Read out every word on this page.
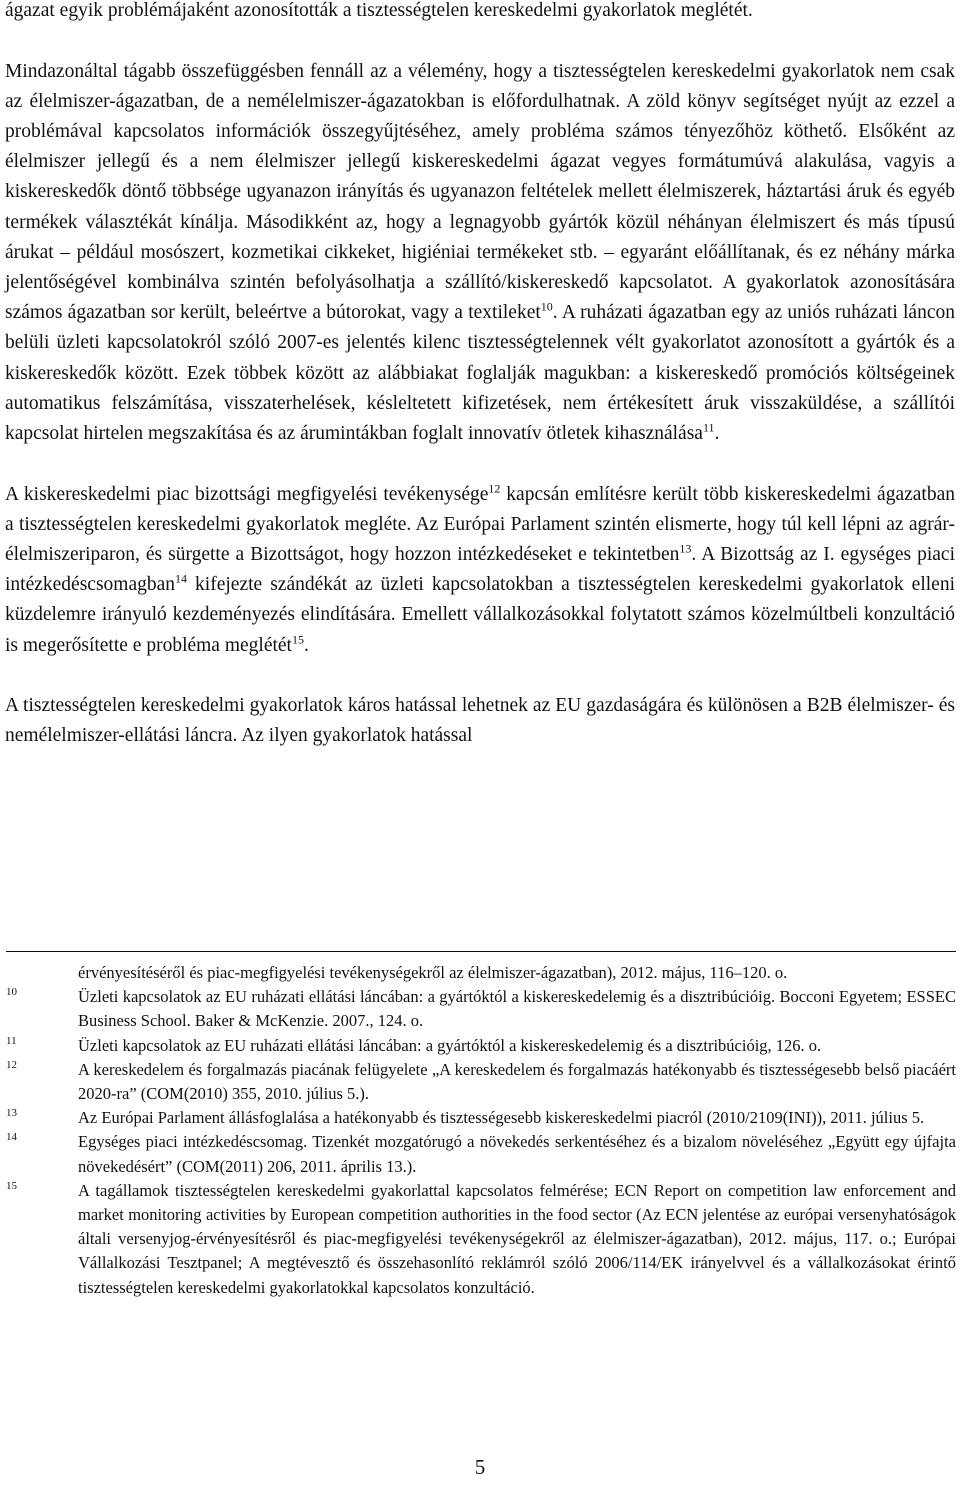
ágazat egyik problémájaként azonosították a tisztességtelen kereskedelmi gyakorlatok meglétét.

Mindazonáltal tágabb összefüggésben fennáll az a vélemény, hogy a tisztességtelen kereskedelmi gyakorlatok nem csak az élelmiszer-ágazatban, de a nemélelmiszer-ágazatokban is előfordulhatnak. A zöld könyv segítséget nyújt az ezzel a problémával kapcsolatos információk összegyűjtéséhez, amely probléma számos tényezőhöz köthető. Elsőként az élelmiszer jellegű és a nem élelmiszer jellegű kiskereskedelmi ágazat vegyes formátumúvá alakulása, vagyis a kiskereskedők döntő többsége ugyanazon irányítás és ugyanazon feltételek mellett élelmiszerek, háztartási áruk és egyéb termékek választékát kínálja. Másodikként az, hogy a legnagyobb gyártók közül néhányan élelmiszert és más típusú árukat – például mosószert, kozmetikai cikkeket, higiéniai termékeket stb. – egyaránt előállítanak, és ez néhány márka jelentőségével kombinálva szintén befolyásolhatja a szállító/kiskereskedő kapcsolatot. A gyakorlatok azonosítására számos ágazatban sor került, beleértve a bútorokat, vagy a textileket$^{10}$. A ruházati ágazatban egy az uniós ruházati láncon belüli üzleti kapcsolatokról szóló 2007-es jelentés kilenc tisztességtelennek vélt gyakorlatot azonosított a gyártók és a kiskereskedők között. Ezek többek között az alábbiakat foglalják magukban: a kiskereskedő promóciós költségeinek automatikus felszámítása, visszaterhelések, késleltetett kifizetések, nem értékesített áruk visszaküldése, a szállítói kapcsolat hirtelen megszakítása és az árumintákban foglalt innovatív ötletek kihasználása$^{11}$.

A kiskereskedelmi piac bizottsági megfigyelési tevékenysége$^{12}$ kapcsán említésre került több kiskereskedelmi ágazatban a tisztességtelen kereskedelmi gyakorlatok megléte. Az Európai Parlament szintén elismerte, hogy túl kell lépni az agrár-élelmiszeriparon, és sürgette a Bizottságot, hogy hozzon intézkedéseket e tekintetben$^{13}$. A Bizottság az I. egységes piaci intézkedéscsomagban$^{14}$ kifejezte szándékát az üzleti kapcsolatokban a tisztességtelen kereskedelmi gyakorlatok elleni küzdelemre irányuló kezdeményezés elindítására. Emellett vállalkozásokkal folytatott számos közelmúltbeli konzultáció is megerősítette e probléma meglétét$^{15}$.

A tisztességtelen kereskedelmi gyakorlatok káros hatással lehetnek az EU gazdaságára és különösen a B2B élelmiszer- és nemélelmiszer-ellátási láncra. Az ilyen gyakorlatok hatással

érvényesítéséről és piac-megfigyelési tevékenységekről az élelmiszer-ágazatban), 2012. május, 116–120. o.
10	Üzleti kapcsolatok az EU ruházati ellátási láncában: a gyártóktól a kiskereskedelemig és a disztribúcióig. Bocconi Egyetem; ESSEC Business School. Baker & McKenzie. 2007., 124. o.
11	Üzleti kapcsolatok az EU ruházati ellátási láncában: a gyártóktól a kiskereskedelemig és a disztribúcióig, 126. o.
12	A kereskedelem és forgalmazás piacának felügyelete „A kereskedelem és forgalmazás hatékonyabb és tisztességesebb belső piacáért 2020-ra” (COM(2010) 355, 2010. július 5.).
13	Az Európai Parlament állásfoglalása a hatékonyabb és tisztességesebb kiskereskedelmi piacról (2010/2109(INI)), 2011. július 5.
14	Egységes piaci intézkedéscsomag. Tizenkét mozgatórugó a növekedés serkentéséhez és a bizalom növeléséhez „Együtt egy újfajta növekedésért” (COM(2011) 206, 2011. április 13.).
15	A tagállamok tisztességtelen kereskedelmi gyakorlattal kapcsolatos felmérése; ECN Report on competition law enforcement and market monitoring activities by European competition authorities in the food sector (Az ECN jelentése az európai versenyhatóságok általi versenyjog-érvényesítésről és piac-megfigyelési tevékenységekről az élelmiszer-ágazatban), 2012. május, 117. o.; Európai Vállalkozási Tesztpanel; A megtévesztő és összehasonlító reklámról szóló 2006/114/EK irányelvvel és a vállalkozásokat érintő tisztességtelen kereskedelmi gyakorlatokkal kapcsolatos konzultáció.
5
